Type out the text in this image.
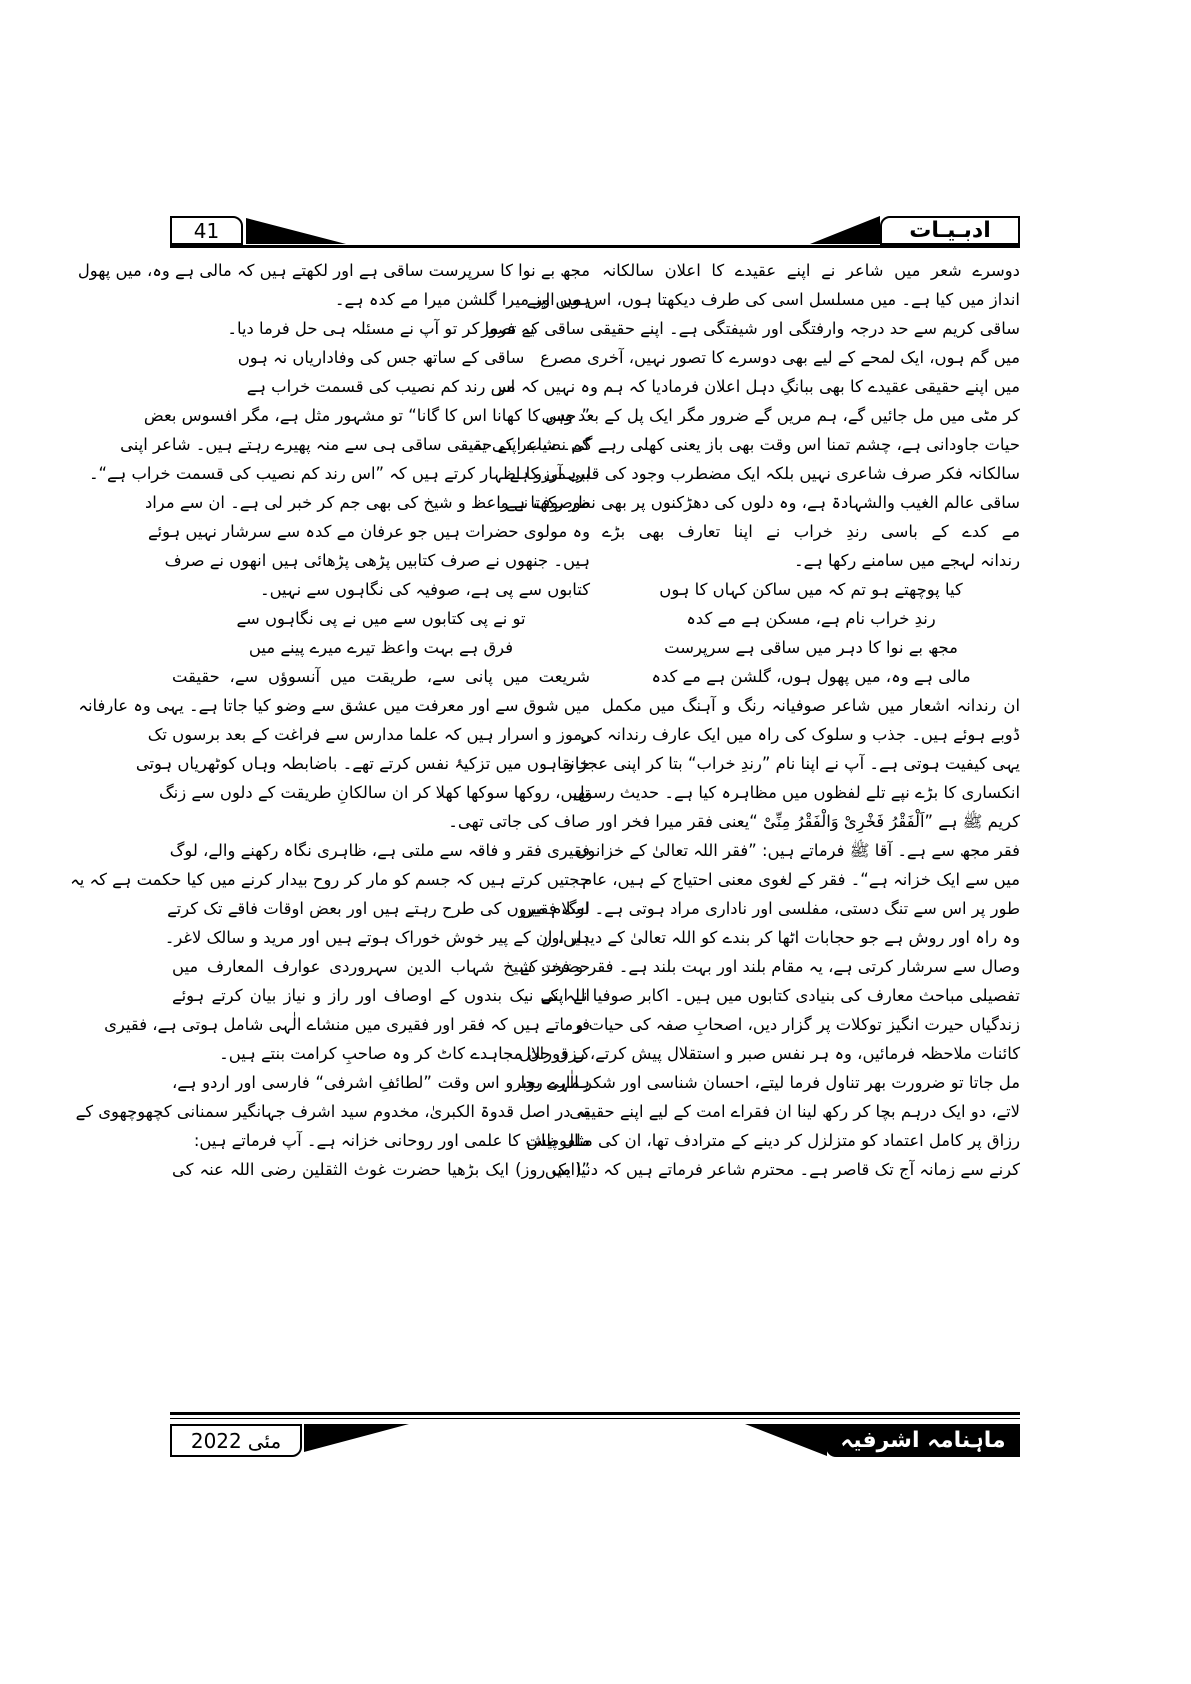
41	ادبـیـات
دوسرے شعر میں شاعر نے اپنے عقیدے کا اعلان سالکانہ
انداز میں کیا ہے۔ میں مسلسل اسی کی طرف دیکھتا ہوں، اس میں اپنے
ساقی کریم سے حد درجہ وارفتگی اور شیفتگی ہے۔ اپنے حقیقی ساقی کے تصور
میں گم ہوں، ایک لمحے کے لیے بھی دوسرے کا تصور نہیں، آخری مصرع
میں اپنے حقیقی عقیدے کا بھی ببانگِ دہل اعلان فرمادیا کہ ہم وہ نہیں کہ مر
کر مٹی میں مل جائیں گے، ہم مریں گے ضرور مگر ایک پل کے بعد وہی
حیات جاودانی ہے، چشم تمنا اس وقت بھی باز یعنی کھلی رہے گی۔ شاعر کی یہ
سالکانہ فکر صرف شاعری نہیں بلکہ ایک مضطرب وجود کی قلبی آرزو ہے۔
ساقی عالم الغیب والشہادۃ ہے، وہ دلوں کی دھڑکنوں پر بھی نظر رکھتا ہے۔
مے کدے کے باسی رندِ خراب نے اپنا تعارف بھی بڑے
رندانہ لہجے میں سامنے رکھا ہے۔
کیا پوچھتے ہو تم کہ میں ساکن کہاں کا ہوں
رندِ خراب نام ہے، مسکن ہے مے کدہ
مجھ بے نوا کا دہر میں ساقی ہے سرپرست
مالی ہے وہ، میں پھول ہوں، گلشن ہے مے کدہ
ان رندانہ اشعار میں شاعر صوفیانہ رنگ و آہنگ میں مکمل
ڈوبے ہوئے ہیں۔ جذب و سلوک کی راہ میں ایک عارف رندانہ کی
یہی کیفیت ہوتی ہے۔ آپ نے اپنا نام ”رندِ خراب“ بتا کر اپنی عجز و
انکساری کا بڑے نپے تلے لفظوں میں مظاہرہ کیا ہے۔ حدیث رسول
کریم ﷺ ہے ”اَلْفَقْرُ فَخْرِیْ وَالْفَقْرُ مِنِّیْ “یعنی فقر میرا فخر اور
فقر مجھ سے ہے۔ آقا ﷺ فرماتے ہیں: ”فقر اللہ تعالیٰ کے خزانوں
میں سے ایک خزانہ ہے“۔ فقر کے لغوی معنی احتیاج کے ہیں، عام
طور پر اس سے تنگ دستی، مفلسی اور ناداری مراد ہوتی ہے۔ اسلام میں
وہ راہ اور روش ہے جو حجابات اٹھا کر بندے کو اللہ تعالیٰ کے دیدار اور
وصال سے سرشار کرتی ہے، یہ مقام بلند اور بہت بلند ہے۔ فقر و فخر کے
تفصیلی مباحث معارف کی بنیادی کتابوں میں ہیں۔ اکابر صوفیا نے اپنی
زندگیاں حیرت انگیز توکلات پر گزار دیں، اصحابِ صفہ کی حیات و
کائنات ملاحظہ فرمائیں، وہ ہر نفس صبر و استقلال پیش کرتے، رزق حلال
مل جاتا تو ضرورت بھر تناول فرما لیتے، احسان شناسی اور شکر الٰہی بجا
لاتے، دو ایک درہم بچا کر رکھ لینا ان فقراے امت کے لیے اپنے حقیقی
رزاق پر کامل اعتماد کو متزلزل کر دینے کے مترادف تھا، ان کی مثال پیش
کرنے سے زمانہ آج تک قاصر ہے۔ محترم شاعر فرماتے ہیں کہ دنیا میں
مجھ بے نوا کا سرپرست ساقی ہے اور لکھتے ہیں کہ مالی ہے وہ، میں پھول
ہوں اور میرا گلشن میرا مے کدہ ہے۔
یہ فرما کر تو آپ نے مسئلہ ہی حل فرما دیا۔
ساقی کے ساتھ جس کی وفاداریاں نہ ہوں
اس رند کم نصیب کی قسمت خراب ہے
” جس کا کھانا اس کا گانا“ تو مشہور مثل ہے، مگر افسوس بعض
کم نصیب اپنے حقیقی ساقی ہی سے منہ پھیرے رہتے ہیں۔ شاعر اپنی
برہمی کا اظہار کرتے ہیں کہ ”اس رند کم نصیب کی قسمت خراب ہے“۔
موصوف نے واعظ و شیخ کی بھی جم کر خبر لی ہے۔ ان سے مراد
وہ مولوی حضرات ہیں جو عرفان مے کدہ سے سرشار نہیں ہوئے
ہیں۔ جنھوں نے صرف کتابیں پڑھی پڑھائی ہیں انھوں نے صرف
کتابوں سے پی ہے، صوفیہ کی نگاہوں سے نہیں۔
تو نے پی کتابوں سے میں نے پی نگاہوں سے
فرق ہے بہت واعظ تیرے میرے پینے میں
شریعت میں پانی سے، طریقت میں آنسوؤں سے، حقیقت
میں شوق سے اور معرفت میں عشق سے وضو کیا جاتا ہے۔ یہی وہ عارفانہ
رموز و اسرار ہیں کہ علما مدارس سے فراغت کے بعد برسوں تک
خانقاہوں میں تزکیۂ نفس کرتے تھے۔ باضابطہ وہاں کوٹھریاں ہوتی
تھیں، روکھا سوکھا کھلا کر ان سالکانِ طریقت کے دلوں سے زنگ
صاف کی جاتی تھی۔
فقیری فقر و فاقہ سے ملتی ہے، ظاہری نگاہ رکھنے والے، لوگ
حجتیں کرتے ہیں کہ جسم کو مار کر روح بیدار کرنے میں کیا حکمت ہے کہ یہ
لوگ فقیروں کی طرح رہتے ہیں اور بعض اوقات فاقے تک کرتے
ہیں، ان کے پیر خوش خوراک ہوتے ہیں اور مرید و سالک لاغر۔
حضرت شیخ شہاب الدین سہروردی عوارف المعارف میں
اللہ کے نیک بندوں کے اوصاف اور راز و نیاز بیان کرتے ہوئے
فرماتے ہیں کہ فقر اور فقیری میں منشاے الٰہی شامل ہوتی ہے، فقیری
کے دوران مجاہدے کاٹ کر وہ صاحبِ کرامت بنتے ہیں۔
ہمارے روبرو اس وقت ”لطائفِ اشرفی“ فارسی اور اردو ہے،
یہ در اصل قدوۃ الکبریٰ، مخدوم سید اشرف جہانگیر سمنانی کچھوچھوی کے
ملفوظات کا علمی اور روحانی خزانہ ہے۔ آپ فرماتے ہیں:
”(ایک روز) ایک بڑھیا حضرت غوث الثقلین رضی اللہ عنہ کی
مئی
2022	ماہنامہ اشرفیہ
